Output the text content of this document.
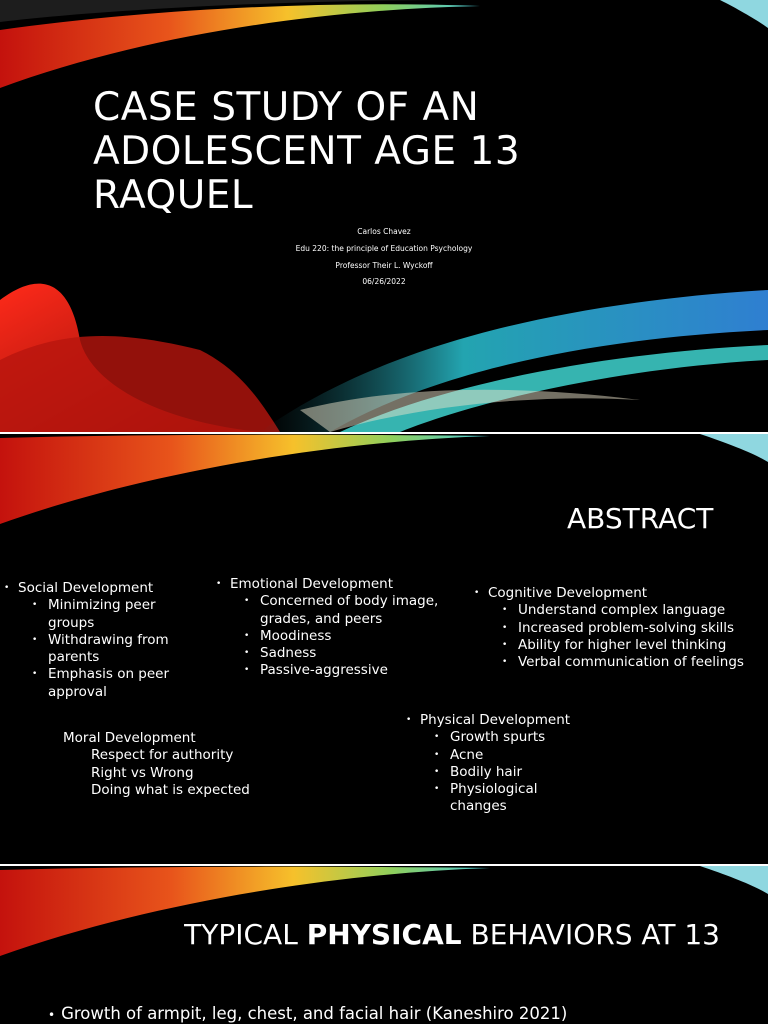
CASE STUDY OF AN
ADOLESCENT AGE 13
RAQUEL
Carlos Chavez
Edu 220: the principle of Education Psychology
Professor Their L. Wyckoff
06/26/2022
ABSTRACT
• Social Development
• Minimizing peer groups
• Withdrawing from parents
• Emphasis on peer approval
• Emotional Development
• Concerned of body image, grades, and peers
• Moodiness
• Sadness
• Passive-aggressive
• Cognitive Development
• Understand complex language
• Increased problem-solving skills
• Ability for higher level thinking
• Verbal communication of feelings
Moral Development
Respect for authority
Right vs Wrong
Doing what is expected
• Physical Development
• Growth spurts
• Acne
• Bodily hair
• Physiological changes
TYPICAL PHYSICAL BEHAVIORS AT 13
• Growth of armpit, leg, chest, and facial hair (Kaneshiro 2021)
